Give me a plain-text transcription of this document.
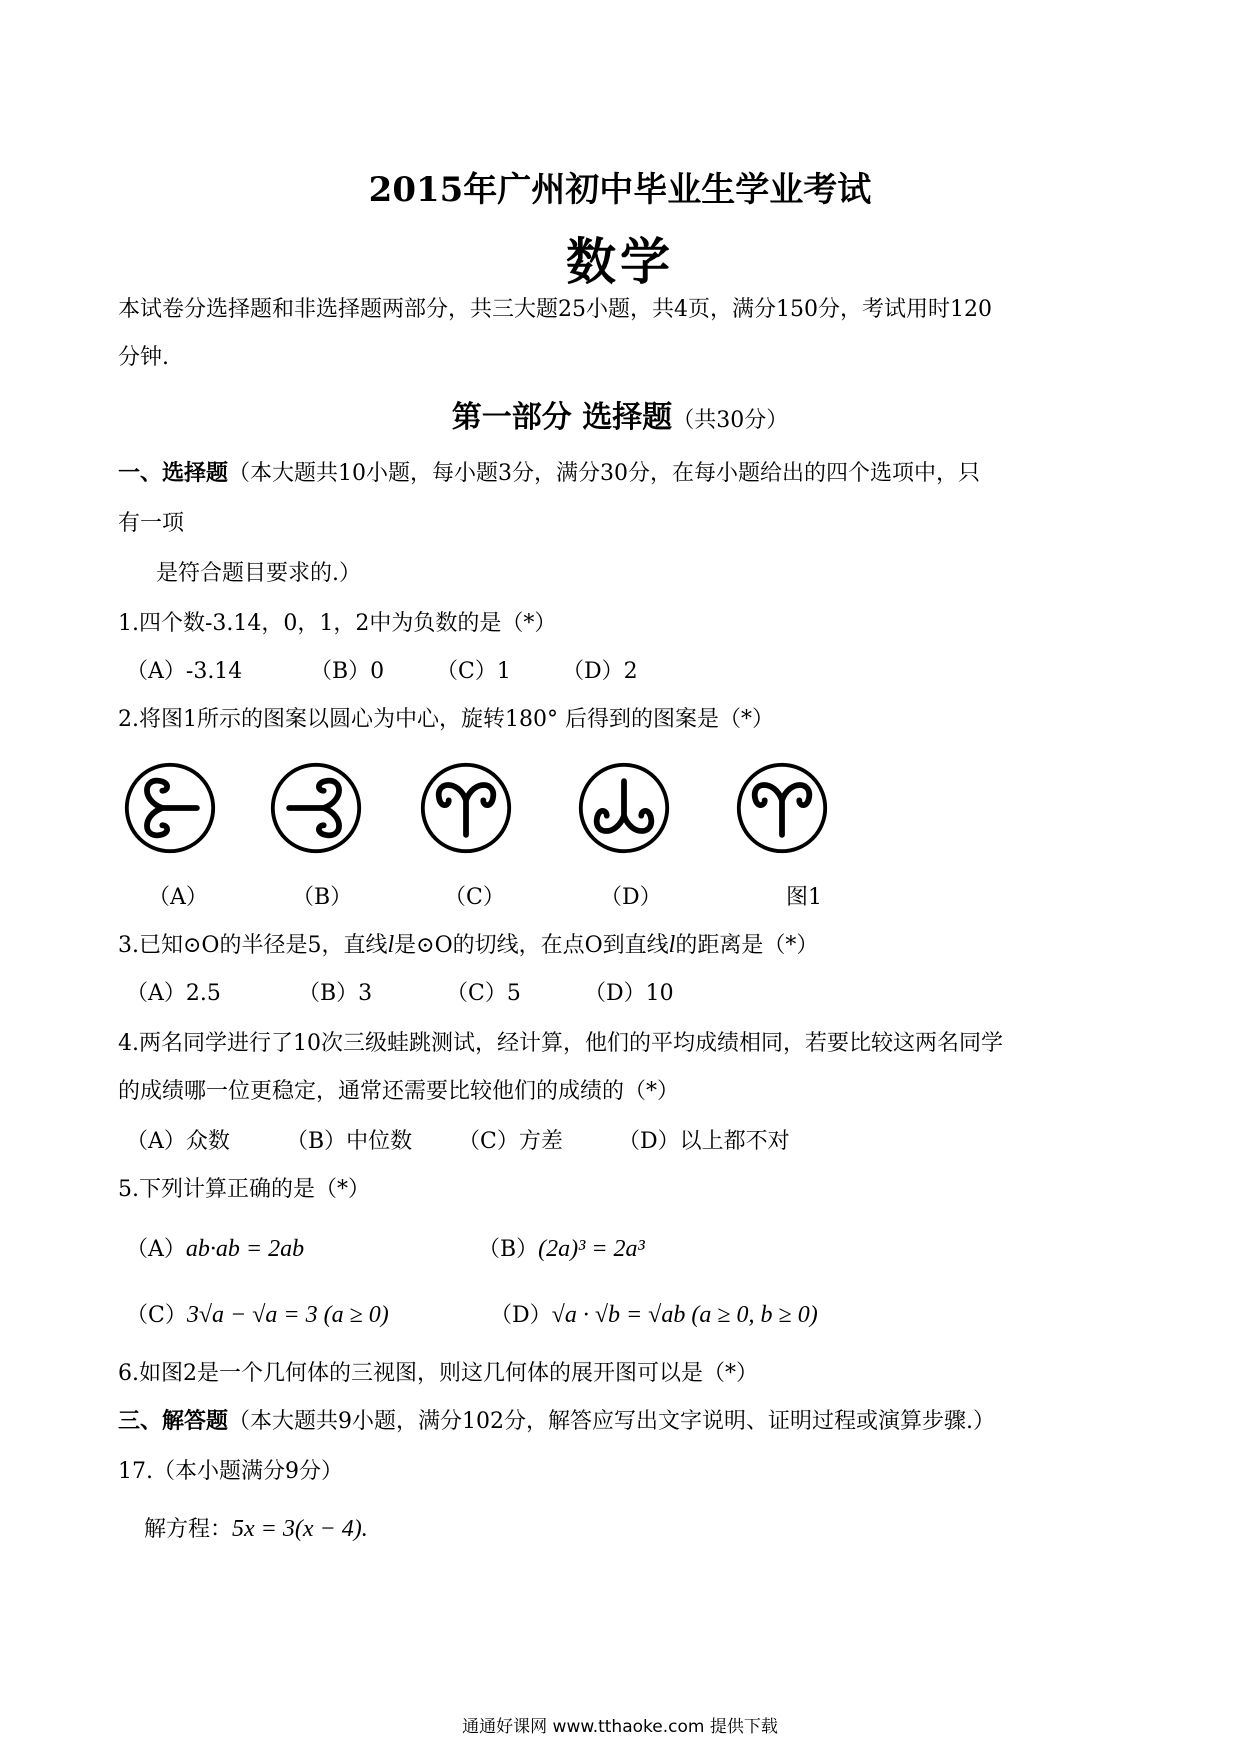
2015年广州初中毕业生学业考试
数学
本试卷分选择题和非选择题两部分，共三大题25小题，共4页，满分150分，考试用时120
分钟.
第一部分 选择题（共30分）
一、选择题（本大题共10小题，每小题3分，满分30分，在每小题给出的四个选项中，只
有一项
是符合题目要求的.）
1.四个数-3.14，0，1，2中为负数的是（*）
（A）-3.14	（B）0 （C）1 （D）2
2.将图1所示的图案以圆心为中心，旋转180° 后得到的图案是（*）
（A）	（B）	（C）	（D）	图1
3.已知⊙O的半径是5，直线l是⊙O的切线，在点O到直线l的距离是（*）
（A）2.5	（B）3	（C）5	（D）10
4.两名同学进行了10次三级蛙跳测试，经计算，他们的平均成绩相同，若要比较这两名同学
的成绩哪一位更稳定，通常还需要比较他们的成绩的（*）
（A）众数	（B）中位数 （C）方差	（D）以上都不对
5.下列计算正确的是（*）
（A）ab·ab = 2ab	（B）(2a)³ = 2a³
（C）3√a − √a = 3 (a ≥ 0)	（D）√a · √b = √ab (a ≥ 0, b ≥ 0)
6.如图2是一个几何体的三视图，则这几何体的展开图可以是（*）
三、解答题（本大题共9小题，满分102分，解答应写出文字说明、证明过程或演算步骤.）
17.（本小题满分9分）
解方程：5x = 3(x − 4).
通通好课网 www.tthaoke.com 提供下载
